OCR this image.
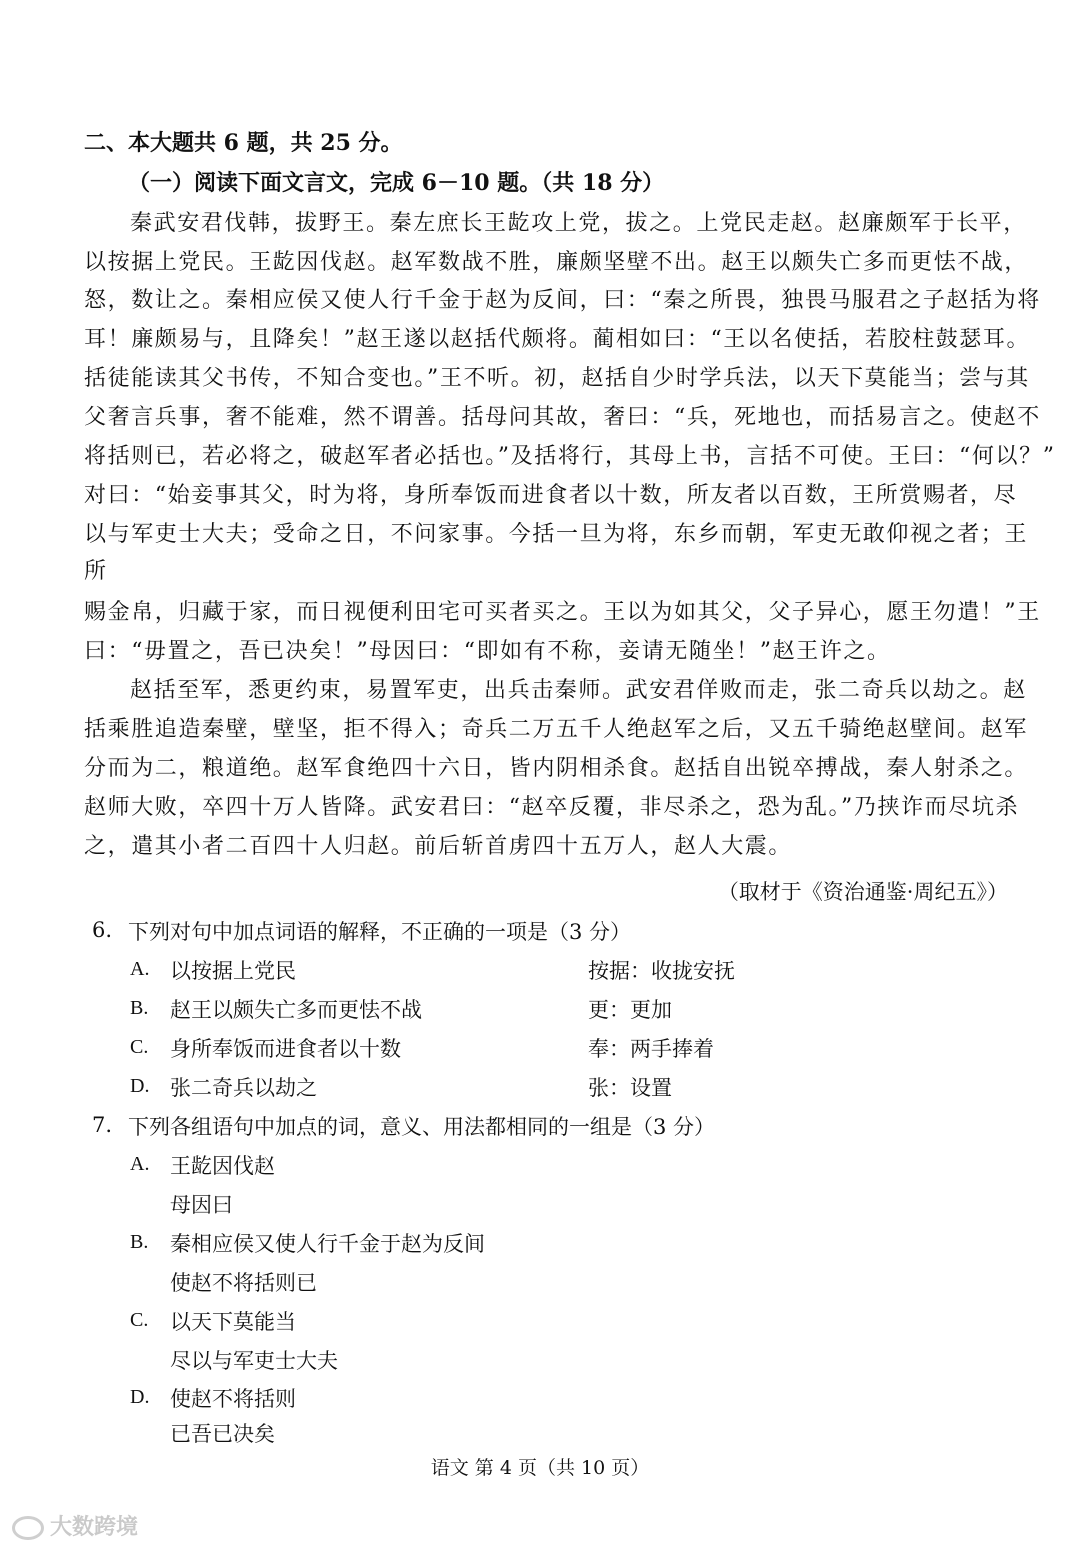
二、本大题共 6 题，共 25 分。
（一）阅读下面文言文，完成 6－10 题。（共 18 分）
秦武安君伐韩，拔野王。秦左庶长王龁攻上党，拔之。上党民走赵。赵廉颇军于长平，
以按据上党民。王龁因伐赵。赵军数战不胜，廉颇坚壁不出。赵王以颇失亡多而更怯不战，
怒，数让之。秦相应侯又使人行千金于赵为反间，曰：“秦之所畏，独畏马服君之子赵括为将
耳！廉颇易与，且降矣！”赵王遂以赵括代颇将。蔺相如曰：“王以名使括，若胶柱鼓瑟耳。
括徒能读其父书传，不知合变也。”王不听。初，赵括自少时学兵法，以天下莫能当；尝与其
父奢言兵事，奢不能难，然不谓善。括母问其故，奢曰：“兵，死地也，而括易言之。使赵不
将括则已，若必将之，破赵军者必括也。”及括将行，其母上书，言括不可使。王曰：“何以？”
对曰：“始妾事其父，时为将，身所奉饭而进食者以十数，所友者以百数，王所赏赐者，尽
以与军吏士大夫；受命之日，不问家事。今括一旦为将，东乡而朝，军吏无敢仰视之者；王
所
赐金帛，归藏于家，而日视便利田宅可买者买之。王以为如其父，父子异心，愿王勿遣！”王
曰：“毋置之，吾已决矣！”母因曰：“即如有不称，妾请无随坐！”赵王许之。
赵括至军，悉更约束，易置军吏，出兵击秦师。武安君佯败而走，张二奇兵以劫之。赵
括乘胜追造秦壁，壁坚，拒不得入；奇兵二万五千人绝赵军之后，又五千骑绝赵壁间。赵军
分而为二，粮道绝。赵军食绝四十六日，皆内阴相杀食。赵括自出锐卒搏战，秦人射杀之。
赵师大败，卒四十万人皆降。武安君曰：“赵卒反覆，非尽杀之，恐为乱。”乃挟诈而尽坑杀
之，遣其小者二百四十人归赵。前后斩首虏四十五万人，赵人大震。
（取材于《资治通鉴·周纪五》）
6. 下列对句中加点词语的解释，不正确的一项是（3 分）
A. 以按据上党民	按据：收拢安抚
B. 赵王以颇失亡多而更怯不战	更：更加
C. 身所奉饭而进食者以十数	奉：两手捧着
D. 张二奇兵以劫之	张：设置
7. 下列各组语句中加点的词，意义、用法都相同的一组是（3 分）
A. 王龁因伐赵
母因曰
B. 秦相应侯又使人行千金于赵为反间
使赵不将括则已
C. 以天下莫能当
尽以与军吏士大夫
D. 使赵不将括则
已吾已决矣
语文 第 4 页（共 10 页）
大数跨境
